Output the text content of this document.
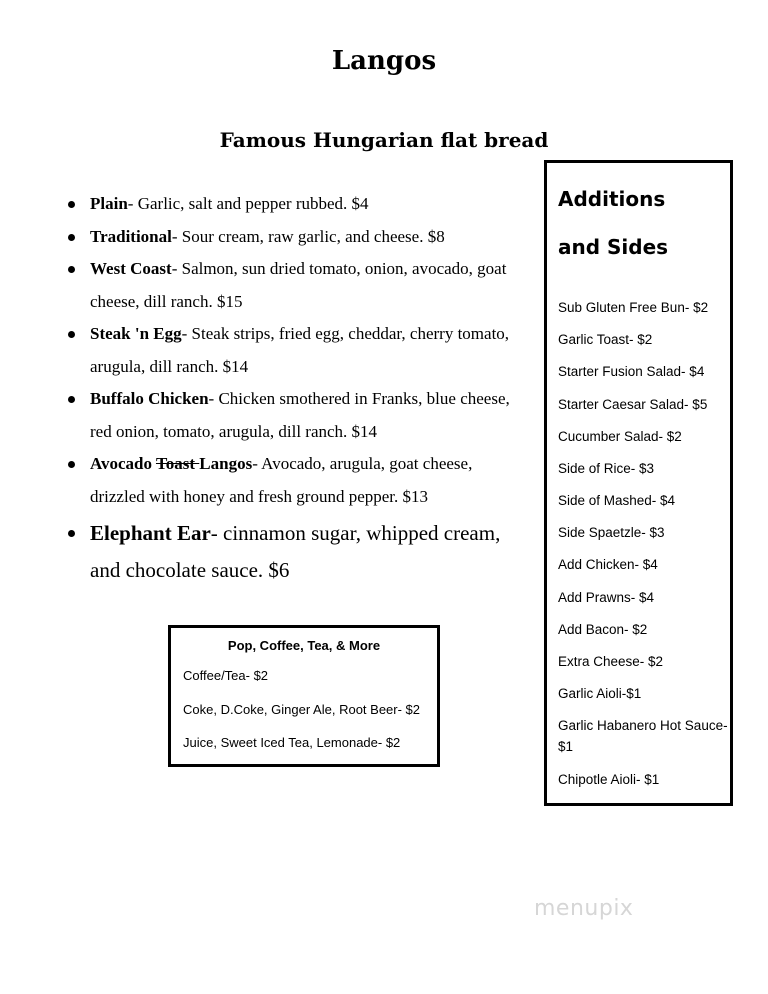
Langos
Famous Hungarian flat bread
Plain- Garlic, salt and pepper rubbed. $4
Traditional- Sour cream, raw garlic, and cheese. $8
West Coast- Salmon, sun dried tomato, onion, avocado, goat cheese, dill ranch. $15
Steak 'n Egg- Steak strips, fried egg, cheddar, cherry tomato, arugula, dill ranch. $14
Buffalo Chicken- Chicken smothered in Franks, blue cheese, red onion, tomato, arugula, dill ranch. $14
Avocado Toast Langos- Avocado, arugula, goat cheese, drizzled with honey and fresh ground pepper. $13
Elephant Ear- cinnamon sugar, whipped cream, and chocolate sauce. $6
Pop, Coffee, Tea, & More
Coffee/Tea- $2
Coke, D.Coke, Ginger Ale, Root Beer- $2
Juice, Sweet Iced Tea, Lemonade- $2
Additions
and Sides
Sub Gluten Free Bun- $2
Garlic Toast- $2
Starter Fusion Salad- $4
Starter Caesar Salad- $5
Cucumber Salad- $2
Side of Rice- $3
Side of Mashed- $4
Side Spaetzle- $3
Add Chicken- $4
Add Prawns- $4
Add Bacon- $2
Extra Cheese- $2
Garlic Aioli-$1
Garlic Habanero Hot Sauce- $1
Chipotle Aioli- $1
menupix
